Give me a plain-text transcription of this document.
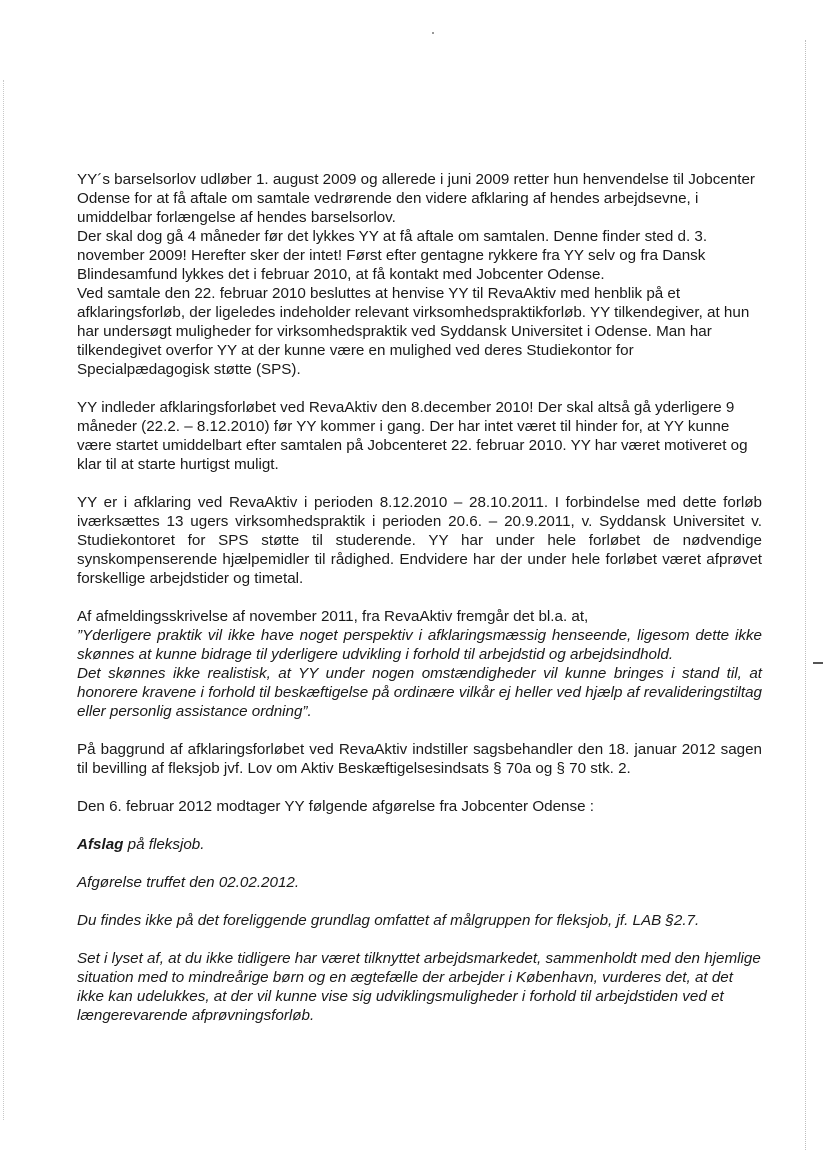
YY´s barselsorlov udløber 1. august 2009 og allerede i juni 2009 retter hun henvendelse til Jobcenter Odense for at få aftale om samtale vedrørende den videre afklaring af hendes arbejdsevne, i umiddelbar forlængelse af hendes barselsorlov.

Der skal dog gå 4 måneder før det lykkes YY at få aftale om samtalen. Denne finder sted d. 3. november 2009! Herefter sker der intet! Først efter gentagne rykkere fra YY selv og fra Dansk Blindesamfund lykkes det i februar 2010, at få kontakt med Jobcenter Odense.

Ved samtale den 22. februar 2010 besluttes at henvise YY til RevaAktiv med henblik på et afklaringsforløb, der ligeledes indeholder relevant virksomhedspraktikforløb. YY tilkendegiver, at hun har undersøgt muligheder for virksomhedspraktik ved Syddansk Universitet i Odense. Man har tilkendegivet overfor YY at der kunne være en mulighed ved deres Studiekontor for Specialpædagogisk støtte (SPS).

YY indleder afklaringsforløbet ved RevaAktiv den 8.december 2010! Der skal altså gå yderligere 9 måneder (22.2. – 8.12.2010) før YY kommer i gang. Der har intet været til hinder for, at YY kunne være startet umiddelbart efter samtalen på Jobcenteret 22. februar 2010. YY har været motiveret og klar til at starte hurtigst muligt.

YY er i afklaring ved RevaAktiv i perioden 8.12.2010 – 28.10.2011. I forbindelse med dette forløb iværksættes 13 ugers virksomhedspraktik i perioden 20.6. – 20.9.2011, v. Syddansk Universitet v. Studiekontoret for SPS støtte til studerende. YY har under hele forløbet de nødvendige synskompenserende hjælpemidler til rådighed. Endvidere har der under hele forløbet været afprøvet forskellige arbejdstider og timetal.

Af afmeldingsskrivelse af november 2011, fra RevaAktiv fremgår det bl.a. at,
”Yderligere praktik vil ikke have noget perspektiv i afklaringsmæssig henseende, ligesom dette ikke skønnes at kunne bidrage til yderligere udvikling i forhold til arbejdstid og arbejdsindhold.
Det skønnes ikke realistisk, at YY under nogen omstændigheder vil kunne bringes i stand til, at honorere kravene i forhold til beskæftigelse på ordinære vilkår ej heller ved hjælp af revalideringstiltag eller personlig assistance ordning”.

På baggrund af afklaringsforløbet ved RevaAktiv indstiller sagsbehandler den 18. januar 2012 sagen til bevilling af fleksjob jvf. Lov om Aktiv Beskæftigelsesindsats § 70a og § 70 stk. 2.

Den 6. februar 2012 modtager YY følgende afgørelse fra Jobcenter Odense :

Afslag på fleksjob.

Afgørelse truffet den 02.02.2012.

Du findes ikke på det foreliggende grundlag omfattet af målgruppen for fleksjob, jf. LAB §2.7.

Set i lyset af, at du ikke tidligere har været tilknyttet arbejdsmarkedet, sammenholdt med den hjemlige situation med to mindreårige børn og en ægtefælle der arbejder i København, vurderes det, at det ikke kan udelukkes, at der vil kunne vise sig udviklingsmuligheder i forhold til arbejdstiden ved et længerevarende afprøvningsforløb.
